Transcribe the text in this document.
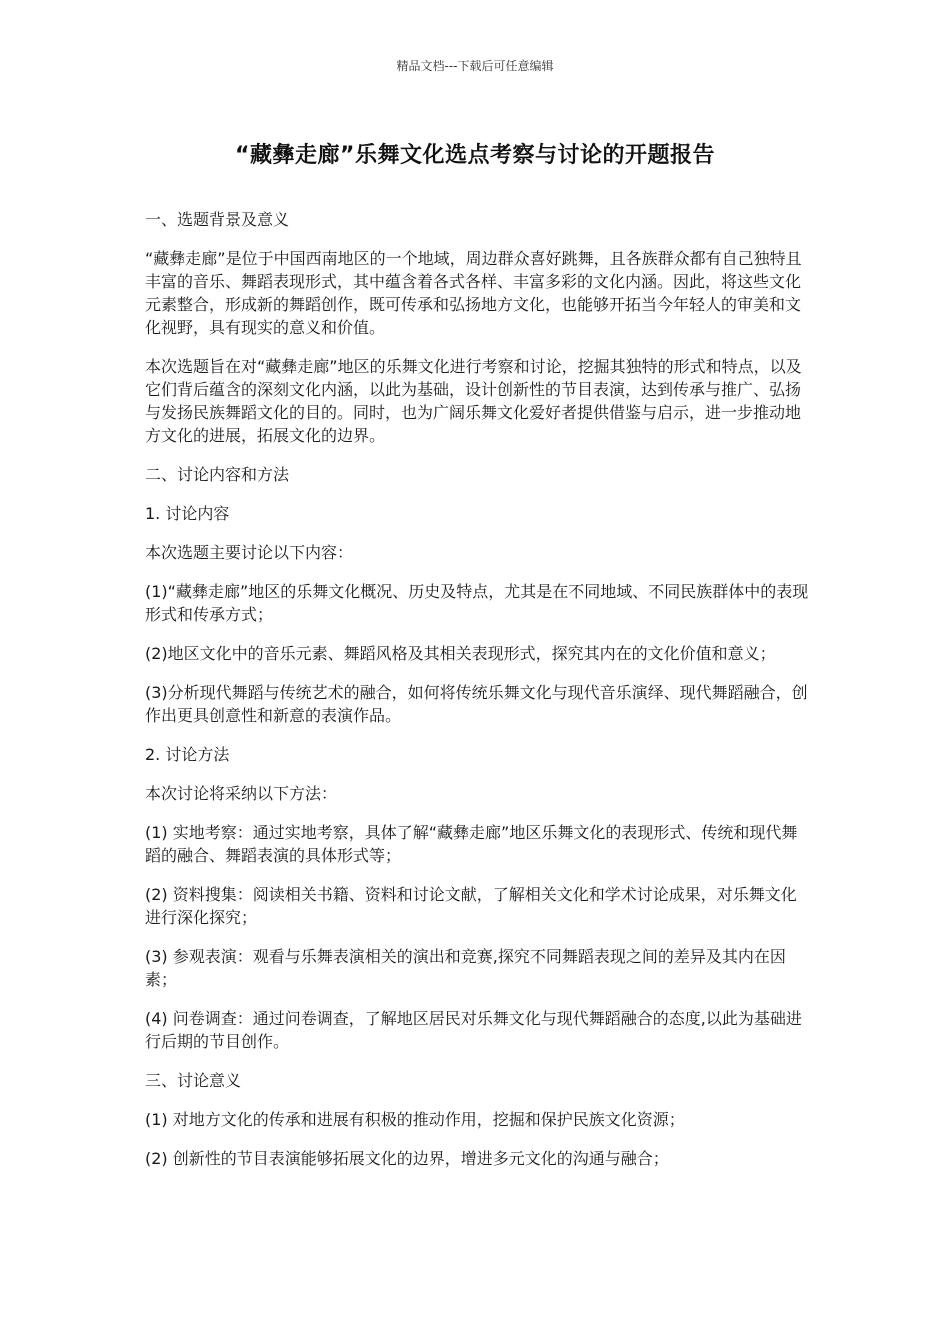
精品文档---下载后可任意编辑
“藏彝走廊”乐舞文化选点考察与讨论的开题报告

一、选题背景及意义

“藏彝走廊”是位于中国西南地区的一个地域，周边群众喜好跳舞，且各族群众都有自己独特且丰富的音乐、舞蹈表现形式，其中蕴含着各式各样、丰富多彩的文化内涵。因此，将这些文化元素整合，形成新的舞蹈创作，既可传承和弘扬地方文化，也能够开拓当今年轻人的审美和文化视野，具有现实的意义和价值。

本次选题旨在对“藏彝走廊”地区的乐舞文化进行考察和讨论，挖掘其独特的形式和特点，以及它们背后蕴含的深刻文化内涵，以此为基础，设计创新性的节目表演，达到传承与推广、弘扬与发扬民族舞蹈文化的目的。同时，也为广阔乐舞文化爱好者提供借鉴与启示，进一步推动地方文化的进展，拓展文化的边界。

二、讨论内容和方法

1. 讨论内容

本次选题主要讨论以下内容：

(1)“藏彝走廊”地区的乐舞文化概况、历史及特点，尤其是在不同地域、不同民族群体中的表现形式和传承方式；

(2)地区文化中的音乐元素、舞蹈风格及其相关表现形式，探究其内在的文化价值和意义；

(3)分析现代舞蹈与传统艺术的融合，如何将传统乐舞文化与现代音乐演绎、现代舞蹈融合，创作出更具创意性和新意的表演作品。

2. 讨论方法

本次讨论将采纳以下方法：

(1) 实地考察：通过实地考察，具体了解“藏彝走廊”地区乐舞文化的表现形式、传统和现代舞蹈的融合、舞蹈表演的具体形式等；

(2) 资料搜集：阅读相关书籍、资料和讨论文献，了解相关文化和学术讨论成果，对乐舞文化进行深化探究；

(3) 参观表演：观看与乐舞表演相关的演出和竞赛,探究不同舞蹈表现之间的差异及其内在因素；

(4) 问卷调查：通过问卷调查，了解地区居民对乐舞文化与现代舞蹈融合的态度,以此为基础进行后期的节目创作。

三、讨论意义

(1) 对地方文化的传承和进展有积极的推动作用，挖掘和保护民族文化资源；

(2) 创新性的节目表演能够拓展文化的边界，增进多元文化的沟通与融合；
